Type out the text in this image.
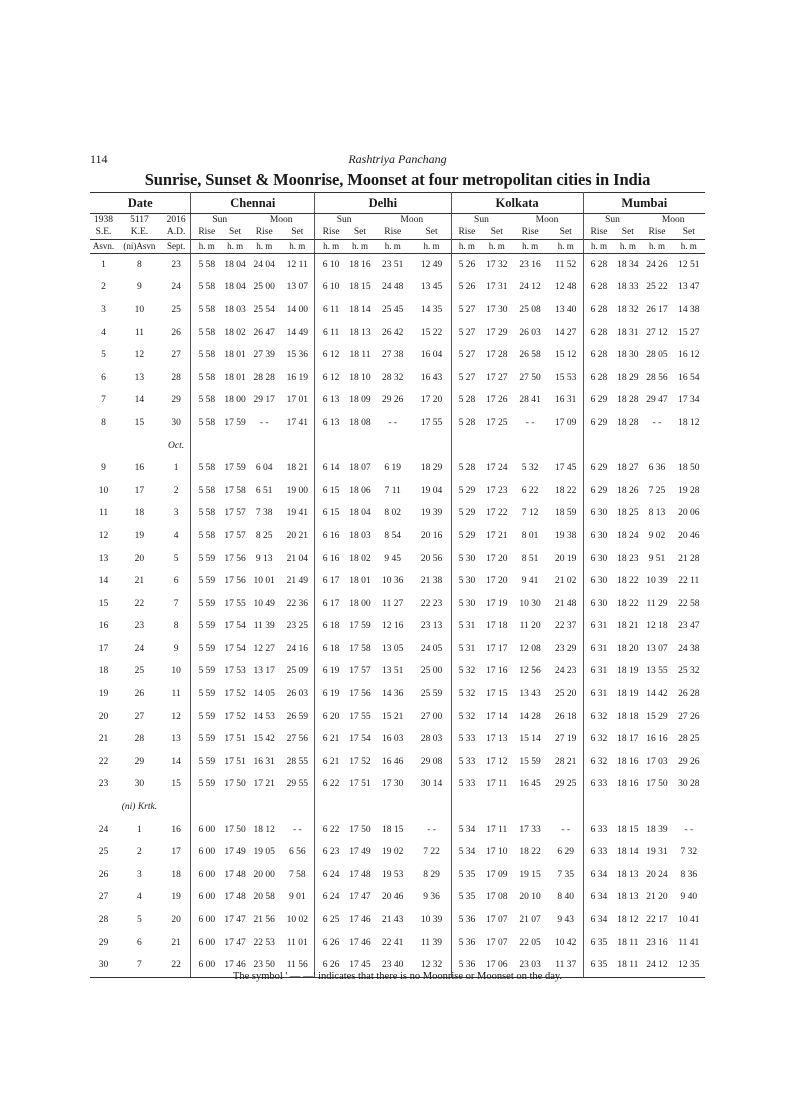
114	Rashtriya Panchang
Sunrise, Sunset & Moonrise, Moonset at four metropolitan cities in India
Date			Chennai				Delhi				Kolkata				Mumbai			
1938	5117	2016	Sun		Moon		Sun		Moon		Sun		Moon		Sun		Moon	
S.E.	K.E.	A.D.	Rise	Set	Rise	Set	Rise	Set	Rise	Set	Rise	Set	Rise	Set	Rise	Set	Rise	Set
Asvn.	(ni)Asvn	Sept.	h. m	h. m	h. m	h. m	h. m	h. m	h. m	h. m	h. m	h. m	h. m	h. m	h. m	h. m	h. m	h. m
1	8	23	5 58	18 04	24 04	12 11	6 10	18 16	23 51	12 49	5 26	17 32	23 16	11 52	6 28	18 34	24 26	12 51
2	9	24	5 58	18 04	25 00	13 07	6 10	18 15	24 48	13 45	5 26	17 31	24 12	12 48	6 28	18 33	25 22	13 47
3	10	25	5 58	18 03	25 54	14 00	6 11	18 14	25 45	14 35	5 27	17 30	25 08	13 40	6 28	18 32	26 17	14 38
4	11	26	5 58	18 02	26 47	14 49	6 11	18 13	26 42	15 22	5 27	17 29	26 03	14 27	6 28	18 31	27 12	15 27
5	12	27	5 58	18 01	27 39	15 36	6 12	18 11	27 38	16 04	5 27	17 28	26 58	15 12	6 28	18 30	28 05	16 12
6	13	28	5 58	18 01	28 28	16 19	6 12	18 10	28 32	16 43	5 27	17 27	27 50	15 53	6 28	18 29	28 56	16 54
7	14	29	5 58	18 00	29 17	17 01	6 13	18 09	29 26	17 20	5 28	17 26	28 41	16 31	6 29	18 28	29 47	17 34
8	15	30	5 58	17 59	- -	17 41	6 13	18 08	- -	17 55	5 28	17 25	- -	17 09	6 29	18 28	- -	18 12
		Oct.																
9	16	1	5 58	17 59	6 04	18 21	6 14	18 07	6 19	18 29	5 28	17 24	5 32	17 45	6 29	18 27	6 36	18 50
10	17	2	5 58	17 58	6 51	19 00	6 15	18 06	7 11	19 04	5 29	17 23	6 22	18 22	6 29	18 26	7 25	19 28
11	18	3	5 58	17 57	7 38	19 41	6 15	18 04	8 02	19 39	5 29	17 22	7 12	18 59	6 30	18 25	8 13	20 06
12	19	4	5 58	17 57	8 25	20 21	6 16	18 03	8 54	20 16	5 29	17 21	8 01	19 38	6 30	18 24	9 02	20 46
13	20	5	5 59	17 56	9 13	21 04	6 16	18 02	9 45	20 56	5 30	17 20	8 51	20 19	6 30	18 23	9 51	21 28
14	21	6	5 59	17 56	10 01	21 49	6 17	18 01	10 36	21 38	5 30	17 20	9 41	21 02	6 30	18 22	10 39	22 11
15	22	7	5 59	17 55	10 49	22 36	6 17	18 00	11 27	22 23	5 30	17 19	10 30	21 48	6 30	18 22	11 29	22 58
16	23	8	5 59	17 54	11 39	23 25	6 18	17 59	12 16	23 13	5 31	17 18	11 20	22 37	6 31	18 21	12 18	23 47
17	24	9	5 59	17 54	12 27	24 16	6 18	17 58	13 05	24 05	5 31	17 17	12 08	23 29	6 31	18 20	13 07	24 38
18	25	10	5 59	17 53	13 17	25 09	6 19	17 57	13 51	25 00	5 32	17 16	12 56	24 23	6 31	18 19	13 55	25 32
19	26	11	5 59	17 52	14 05	26 03	6 19	17 56	14 36	25 59	5 32	17 15	13 43	25 20	6 31	18 19	14 42	26 28
20	27	12	5 59	17 52	14 53	26 59	6 20	17 55	15 21	27 00	5 32	17 14	14 28	26 18	6 32	18 18	15 29	27 26
21	28	13	5 59	17 51	15 42	27 56	6 21	17 54	16 03	28 03	5 33	17 13	15 14	27 19	6 32	18 17	16 16	28 25
22	29	14	5 59	17 51	16 31	28 55	6 21	17 52	16 46	29 08	5 33	17 12	15 59	28 21	6 32	18 16	17 03	29 26
23	30	15	5 59	17 50	17 21	29 55	6 22	17 51	17 30	30 14	5 33	17 11	16 45	29 25	6 33	18 16	17 50	30 28
	(ni) Krtk.																	
24	1	16	6 00	17 50	18 12	- -	6 22	17 50	18 15	- -	5 34	17 11	17 33	- -	6 33	18 15	18 39	- -
25	2	17	6 00	17 49	19 05	6 56	6 23	17 49	19 02	7 22	5 34	17 10	18 22	6 29	6 33	18 14	19 31	7 32
26	3	18	6 00	17 48	20 00	7 58	6 24	17 48	19 53	8 29	5 35	17 09	19 15	7 35	6 34	18 13	20 24	8 36
27	4	19	6 00	17 48	20 58	9 01	6 24	17 47	20 46	9 36	5 35	17 08	20 10	8 40	6 34	18 13	21 20	9 40
28	5	20	6 00	17 47	21 56	10 02	6 25	17 46	21 43	10 39	5 36	17 07	21 07	9 43	6 34	18 12	22 17	10 41
29	6	21	6 00	17 47	22 53	11 01	6 26	17 46	22 41	11 39	5 36	17 07	22 05	10 42	6 35	18 11	23 16	11 41
30	7	22	6 00	17 46	23 50	11 56	6 26	17 45	23 40	12 32	5 36	17 06	23 03	11 37	6 35	18 11	24 12	12 35
The symbol ' — —' indicates that there is no Moonrise or Moonset on the day.
